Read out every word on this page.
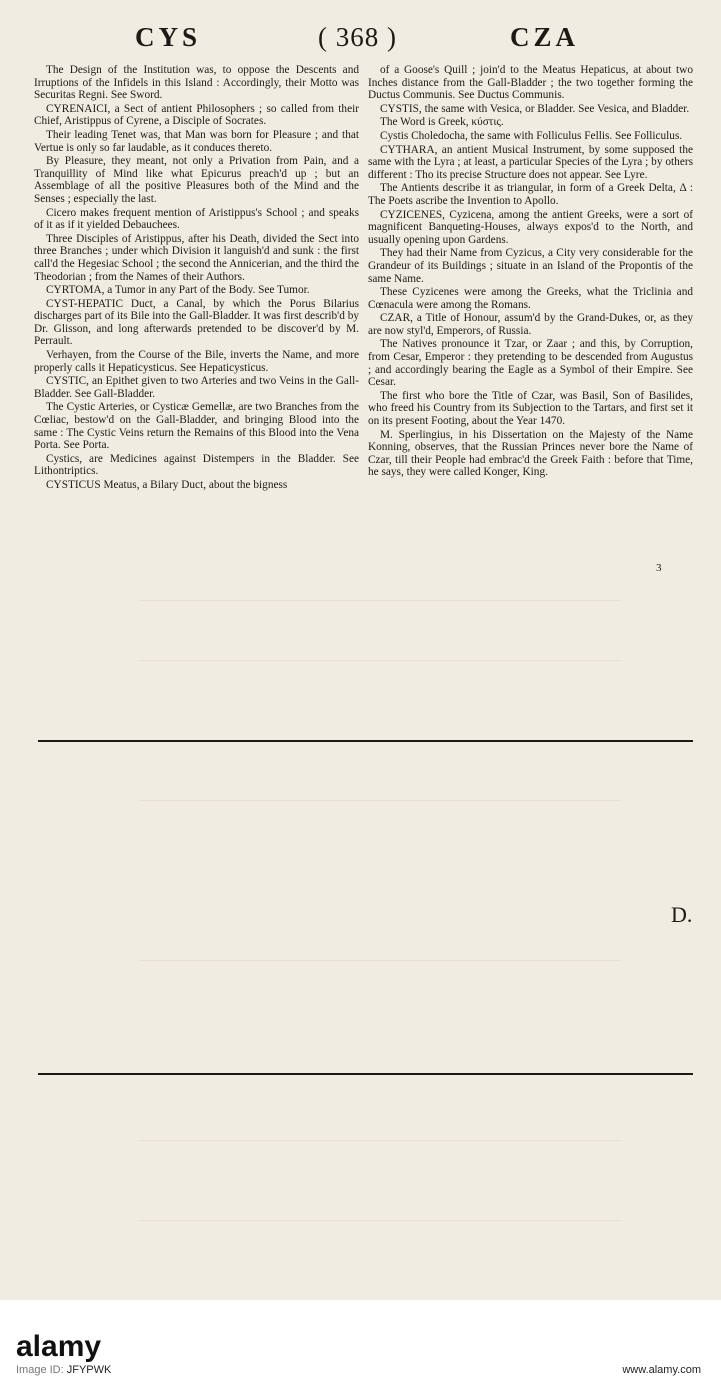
CYS	( 368 )	CZA

The Design of the Institution was, to oppose the Descents and Irruptions of the Infidels in this Island : Accordingly, their Motto was Securitas Regni. See Sword.

CYRENAICI, a Sect of antient Philosophers ; so called from their Chief, Aristippus of Cyrene, a Disciple of Socrates.

Their leading Tenet was, that Man was born for Pleasure ; and that Vertue is only so far laudable, as it conduces thereto.

By Pleasure, they meant, not only a Privation from Pain, and a Tranquillity of Mind like what Epicurus preach'd up ; but an Assemblage of all the positive Pleasures both of the Mind and the Senses ; especially the last.

Cicero makes frequent mention of Aristippus's School ; and speaks of it as if it yielded Debauchees.

Three Disciples of Aristippus, after his Death, divided the Sect into three Branches ; under which Division it languish'd and sunk : the first call'd the Hegesiac School ; the second the Annicerian, and the third the Theodorian ; from the Names of their Authors.

CYRTOMA, a Tumor in any Part of the Body. See Tumor.

CYST-HEPATIC Duct, a Canal, by which the Porus Bilarius discharges part of its Bile into the Gall-Bladder. It was first describ'd by Dr. Glisson, and long afterwards pretended to be discover'd by M. Perrault.

Verhayen, from the Course of the Bile, inverts the Name, and more properly calls it Hepaticysticus. See Hepaticysticus.

CYSTIC, an Epithet given to two Arteries and two Veins in the Gall-Bladder. See Gall-Bladder.

The Cystic Arteries, or Cysticæ Gemellæ, are two Branches from the Cœliac, bestow'd on the Gall-Bladder, and bringing Blood into the same : The Cystic Veins return the Remains of this Blood into the Vena Porta. See Porta.

Cystics, are Medicines against Distempers in the Bladder. See Lithontriptics.

CYSTICUS Meatus, a Bilary Duct, about the bigness

of a Goose's Quill ; join'd to the Meatus Hepaticus, at about two Inches distance from the Gall-Bladder ; the two together forming the Ductus Communis. See Ductus Communis.

CYSTIS, the same with Vesica, or Bladder. See Vesica, and Bladder.

The Word is Greek, κύστις.

Cystis Choledocha, the same with Folliculus Fellis. See Folliculus.

CYTHARA, an antient Musical Instrument, by some supposed the same with the Lyra ; at least, a particular Species of the Lyra ; by others different : Tho its precise Structure does not appear. See Lyre.

The Antients describe it as triangular, in form of a Greek Delta, Δ : The Poets ascribe the Invention to Apollo.

CYZICENES, Cyzicena, among the antient Greeks, were a sort of magnificent Banqueting-Houses, always expos'd to the North, and usually opening upon Gardens.

They had their Name from Cyzicus, a City very considerable for the Grandeur of its Buildings ; situate in an Island of the Propontis of the same Name.

These Cyzicenes were among the Greeks, what the Triclinia and Cœnacula were among the Romans.

CZAR, a Title of Honour, assum'd by the Grand-Dukes, or, as they are now styl'd, Emperors, of Russia.

The Natives pronounce it Tzar, or Zaar ; and this, by Corruption, from Cesar, Emperor : they pretending to be descended from Augustus ; and accordingly bearing the Eagle as a Symbol of their Empire. See Cesar.

The first who bore the Title of Czar, was Basil, Son of Basilides, who freed his Country from its Subjection to the Tartars, and first set it on its present Footing, about the Year 1470.

M. Sperlingius, in his Dissertation on the Majesty of the Name Konning, observes, that the Russian Princes never bore the Name of Czar, till their People had embrac'd the Greek Faith : before that Time, he says, they were called Konger, King.

3
D.
alamy
Image ID: JFYPWK	www.alamy.com
